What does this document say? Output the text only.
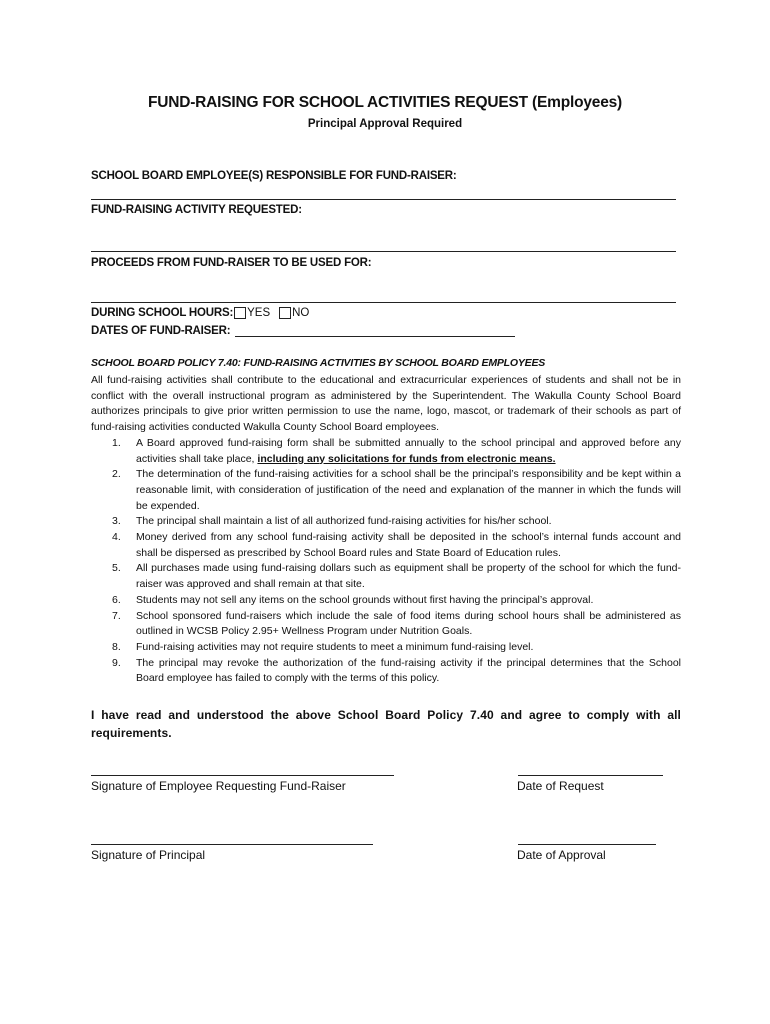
FUND-RAISING FOR SCHOOL ACTIVITIES REQUEST (Employees)
Principal Approval Required
SCHOOL BOARD EMPLOYEE(S) RESPONSIBLE FOR FUND-RAISER:
FUND-RAISING ACTIVITY REQUESTED:
PROCEEDS FROM FUND-RAISER TO BE USED FOR:
DURING SCHOOL HOURS: YES NO
DATES OF FUND-RAISER:
SCHOOL BOARD POLICY 7.40: FUND-RAISING ACTIVITIES BY SCHOOL BOARD EMPLOYEES

All fund-raising activities shall contribute to the educational and extracurricular experiences of students and shall not be in conflict with the overall instructional program as administered by the Superintendent. The Wakulla County School Board authorizes principals to give prior written permission to use the name, logo, mascot, or trademark of their schools as part of fund-raising activities conducted Wakulla County School Board employees.

1. A Board approved fund-raising form shall be submitted annually to the school principal and approved before any activities shall take place, including any solicitations for funds from electronic means.
2. The determination of the fund-raising activities for a school shall be the principal’s responsibility and be kept within a reasonable limit, with consideration of justification of the need and explanation of the manner in which the funds will be expended.
3. The principal shall maintain a list of all authorized fund-raising activities for his/her school.
4. Money derived from any school fund-raising activity shall be deposited in the school’s internal funds account and shall be dispersed as prescribed by School Board rules and State Board of Education rules.
5. All purchases made using fund-raising dollars such as equipment shall be property of the school for which the fund-raiser was approved and shall remain at that site.
6. Students may not sell any items on the school grounds without first having the principal’s approval.
7. School sponsored fund-raisers which include the sale of food items during school hours shall be administered as outlined in WCSB Policy 2.95+ Wellness Program under Nutrition Goals.
8. Fund-raising activities may not require students to meet a minimum fund-raising level.
9. The principal may revoke the authorization of the fund-raising activity if the principal determines that the School Board employee has failed to comply with the terms of this policy.
I have read and understood the above School Board Policy 7.40 and agree to comply with all requirements.
Signature of Employee Requesting Fund-Raiser	Date of Request
Signature of Principal	Date of Approval
